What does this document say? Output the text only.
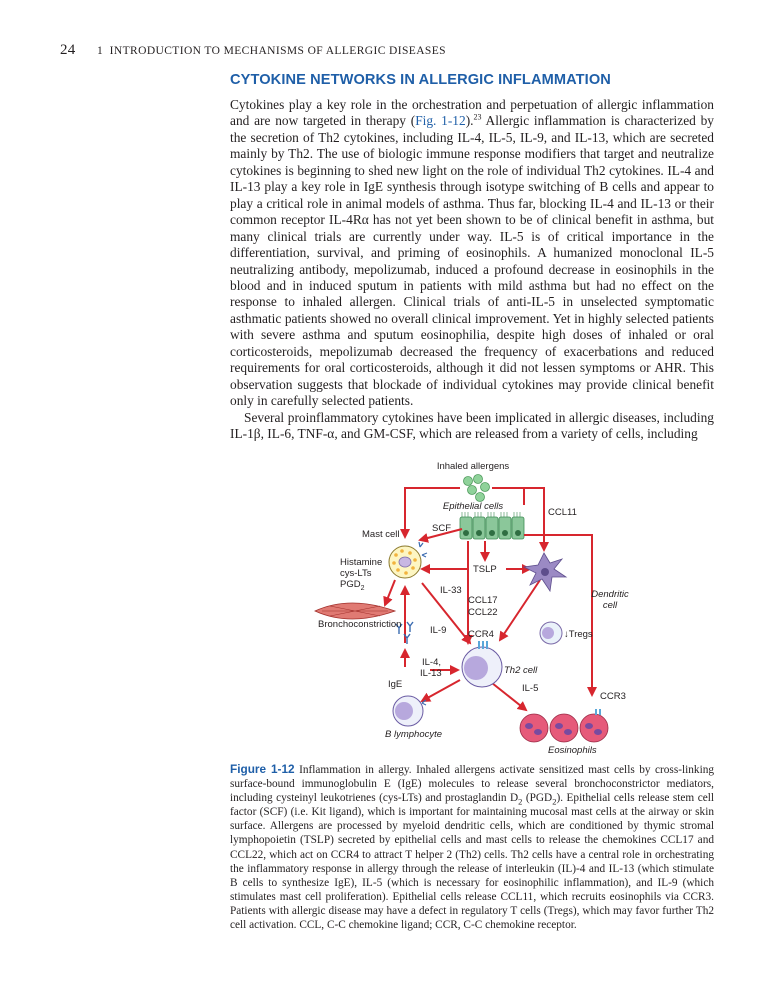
24 1  INTRODUCTION TO MECHANISMS OF ALLERGIC DISEASES
CYTOKINE NETWORKS IN ALLERGIC INFLAMMATION

Cytokines play a key role in the orchestration and perpetuation of allergic inflammation and are now targeted in therapy (Fig. 1-12).$^{23}$ Allergic inflammation is characterized by the secretion of Th2 cytokines, including IL-4, IL-5, IL-9, and IL-13, which are secreted mainly by Th2. The use of biologic immune response modifiers that target and neutralize cytokines is beginning to shed new light on the role of individual Th2 cytokines. IL-4 and IL-13 play a key role in IgE synthesis through isotype switching of B cells and appear to play a critical role in animal models of asthma. Thus far, blocking IL-4 and IL-13 or their common receptor IL-4Rα has not yet been shown to be of clinical benefit in asthma, but many clinical trials are currently under way. IL-5 is of critical importance in the differentiation, survival, and priming of eosinophils. A humanized monoclonal IL-5 neutralizing antibody, mepolizumab, induced a profound decrease in eosinophils in the blood and in induced sputum in patients with mild asthma but had no effect on the response to inhaled allergen. Clinical trials of anti-IL-5 in unselected symptomatic asthmatic patients showed no overall clinical improvement. Yet in highly selected patients with severe asthma and sputum eosinophilia, despite high doses of inhaled or oral corticosteroids, mepolizumab decreased the frequency of exacerbations and reduced requirements for oral corticosteroids, although it did not lessen symptoms or AHR. This observation suggests that blockade of individual cytokines may provide clinical benefit only in carefully selected patients.

Several proinflammatory cytokines have been implicated in allergic diseases, including IL-1β, IL-6, TNF-α, and GM-CSF, which are released from a variety of cells, including

Inhaled allergens
Epithelial cells
CCL11
Mast cell
SCF
Histamine
cys-LTs
$PGD_2$
TSLP
IL-33
CCL17
CCL22
Dendritic
cell
Bronchoconstriction
IL-9 CCR4	↓Tregs
Th2 cell
IL-4,
IL-13
IgE	IL-5
CCR3
B lymphocyte
Eosinophils

Figure 1-12 Inflammation in allergy. Inhaled allergens activate sensitized mast cells by cross-linking surface-bound immunoglobulin E (IgE) molecules to release several bronchoconstrictor mediators, including cysteinyl leukotrienes (cys-LTs) and prostaglandin $D_2$ $(PGD_2)$. Epithelial cells release stem cell factor (SCF) (i.e. Kit ligand), which is important for maintaining mucosal mast cells at the airway or skin surface. Allergens are processed by myeloid dendritic cells, which are conditioned by thymic stromal lymphopoietin (TSLP) secreted by epithelial cells and mast cells to release the chemokines CCL17 and CCL22, which act on CCR4 to attract T helper 2 (Th2) cells. Th2 cells have a central role in orchestrating the inflammatory response in allergy through the release of interleukin (IL)-4 and IL-13 (which stimulate B cells to synthesize IgE), IL-5 (which is necessary for eosinophilic inflammation), and IL-9 (which stimulates mast cell proliferation). Epithelial cells release CCL11, which recruits eosinophils via CCR3. Patients with allergic disease may have a defect in regulatory T cells (Tregs), which may favor further Th2 cell activation. CCL, C-C chemokine ligand; CCR, C-C chemokine receptor.
